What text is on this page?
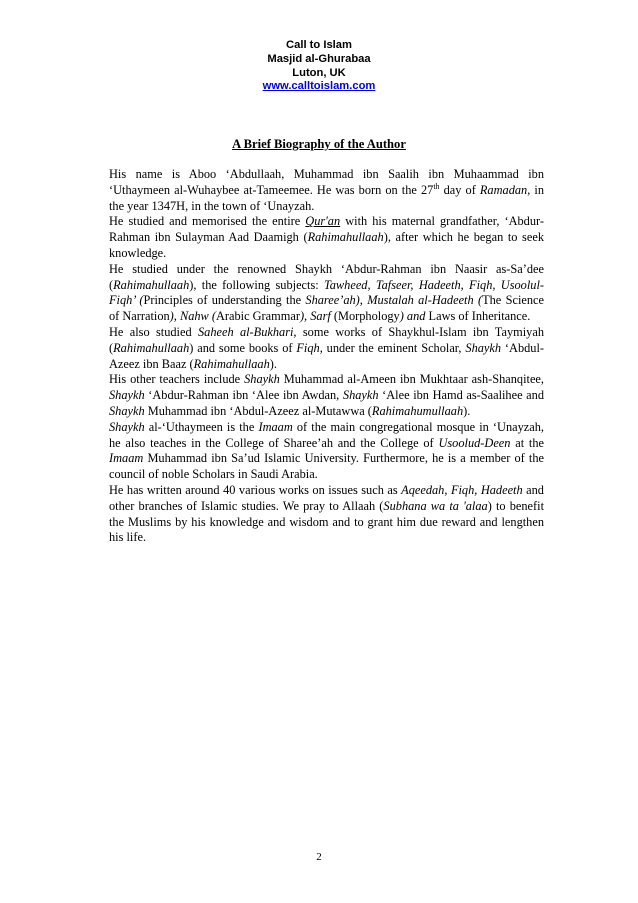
Call to Islam
Masjid al-Ghurabaa
Luton, UK
www.calltoislam.com
A Brief Biography of the Author

His name is Aboo ‘Abdullaah, Muhammad ibn Saalih ibn Muhaammad ibn ‘Uthaymeen al-Wuhaybee at-Tameemee. He was born on the 27th day of Ramadan, in the year 1347H, in the town of ‘Unayzah.

He studied and memorised the entire Qur'an with his maternal grandfather, ‘Abdur-Rahman ibn Sulayman Aad Daamigh (Rahimahullaah), after which he began to seek knowledge.

He studied under the renowned Shaykh ‘Abdur-Rahman ibn Naasir as-Sa’dee (Rahimahullaah), the following subjects: Tawheed, Tafseer, Hadeeth, Fiqh, Usoolul-Fiqh’ (Principles of understanding the Sharee’ah), Mustalah al-Hadeeth (The Science of Narration), Nahw (Arabic Grammar), Sarf (Morphology) and Laws of Inheritance.

He also studied Saheeh al-Bukhari, some works of Shaykhul-Islam ibn Taymiyah (Rahimahullaah) and some books of Fiqh, under the eminent Scholar, Shaykh ‘Abdul-Azeez ibn Baaz (Rahimahullaah).

His other teachers include Shaykh Muhammad al-Ameen ibn Mukhtaar ash-Shanqitee, Shaykh ‘Abdur-Rahman ibn ‘Alee ibn Awdan, Shaykh ‘Alee ibn Hamd as-Saalihee and Shaykh Muhammad ibn ‘Abdul-Azeez al-Mutawwa (Rahimahumullaah).

Shaykh al-‘Uthaymeen is the Imaam of the main congregational mosque in ‘Unayzah, he also teaches in the College of Sharee’ah and the College of Usoolud-Deen at the Imaam Muhammad ibn Sa’ud Islamic University. Furthermore, he is a member of the council of noble Scholars in Saudi Arabia.

He has written around 40 various works on issues such as Aqeedah, Fiqh, Hadeeth and other branches of Islamic studies. We pray to Allaah (Subhana wa ta 'alaa) to benefit the Muslims by his knowledge and wisdom and to grant him due reward and lengthen his life.

2
